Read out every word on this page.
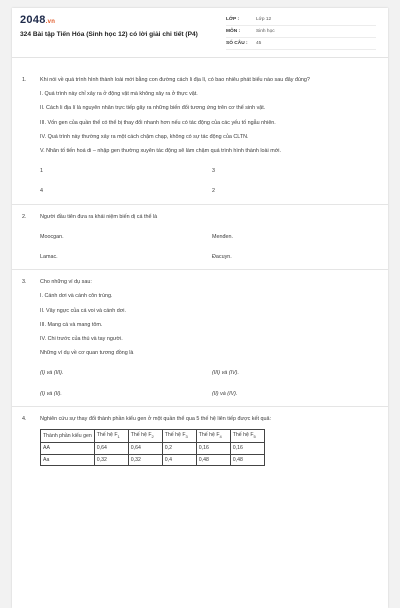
2048.vn
324 Bài tập Tiến Hóa (Sinh học 12) có lời giải chi tiết (P4)
LỚP :	Lớp 12
MÔN :	Sinh học
SỐ CÂU :	45
1.	Khi nói về quá trình hình thành loài mới bằng con đường cách li địa lí, có bao nhiêu phát biểu nào sau đây đúng?
I. Quá trình này chỉ xảy ra ở động vật mà không xảy ra ở thực vật.
II. Cách li địa lí là nguyên nhân trực tiếp gây ra những biến đổi tương ứng trên cơ thể sinh vật.
III. Vốn gen của quần thể có thể bị thay đổi nhanh hơn nếu có tác động của các yếu tố ngẫu nhiên.
IV. Quá trình này thường xảy ra một cách chậm chạp, không có sự tác động của CLTN.
V. Nhân tố tiến hoá di – nhập gen thường xuyên tác động sẽ làm chậm quá trình hình thành loài mới.
1	3
4	2
2.	Người đầu tiên đưa ra khái niệm biến dị cá thể là
Moocgan.	Menđen.
Lamac.	Đacuyn.
3.	Cho những ví dụ sau:
I. Cánh dơi và cánh côn trùng.
II. Vây ngực của cá voi và cánh dơi.
III. Mang cá và mang tôm.
IV. Chi trước của thú và tay người.
Những ví dụ về cơ quan tương đồng là
(I) và (III).	(III) và (IV).
(I) và (II).	(II) và (IV).
4.	Nghiên cứu sự thay đổi thành phần kiểu gen ở một quần thể qua 5 thế hệ liên tiếp được kết quả:
Thành phần kiểu gen	Thế hệ $F_1$	Thế hệ $F_2$	Thế hệ $F_3$	Thế hệ $F_4$	Thế hệ $F_5$
AA	0,64	0,64	0,2	0,16	0,16
Aa	0,32	0,32	0,4	0,48	0,48
